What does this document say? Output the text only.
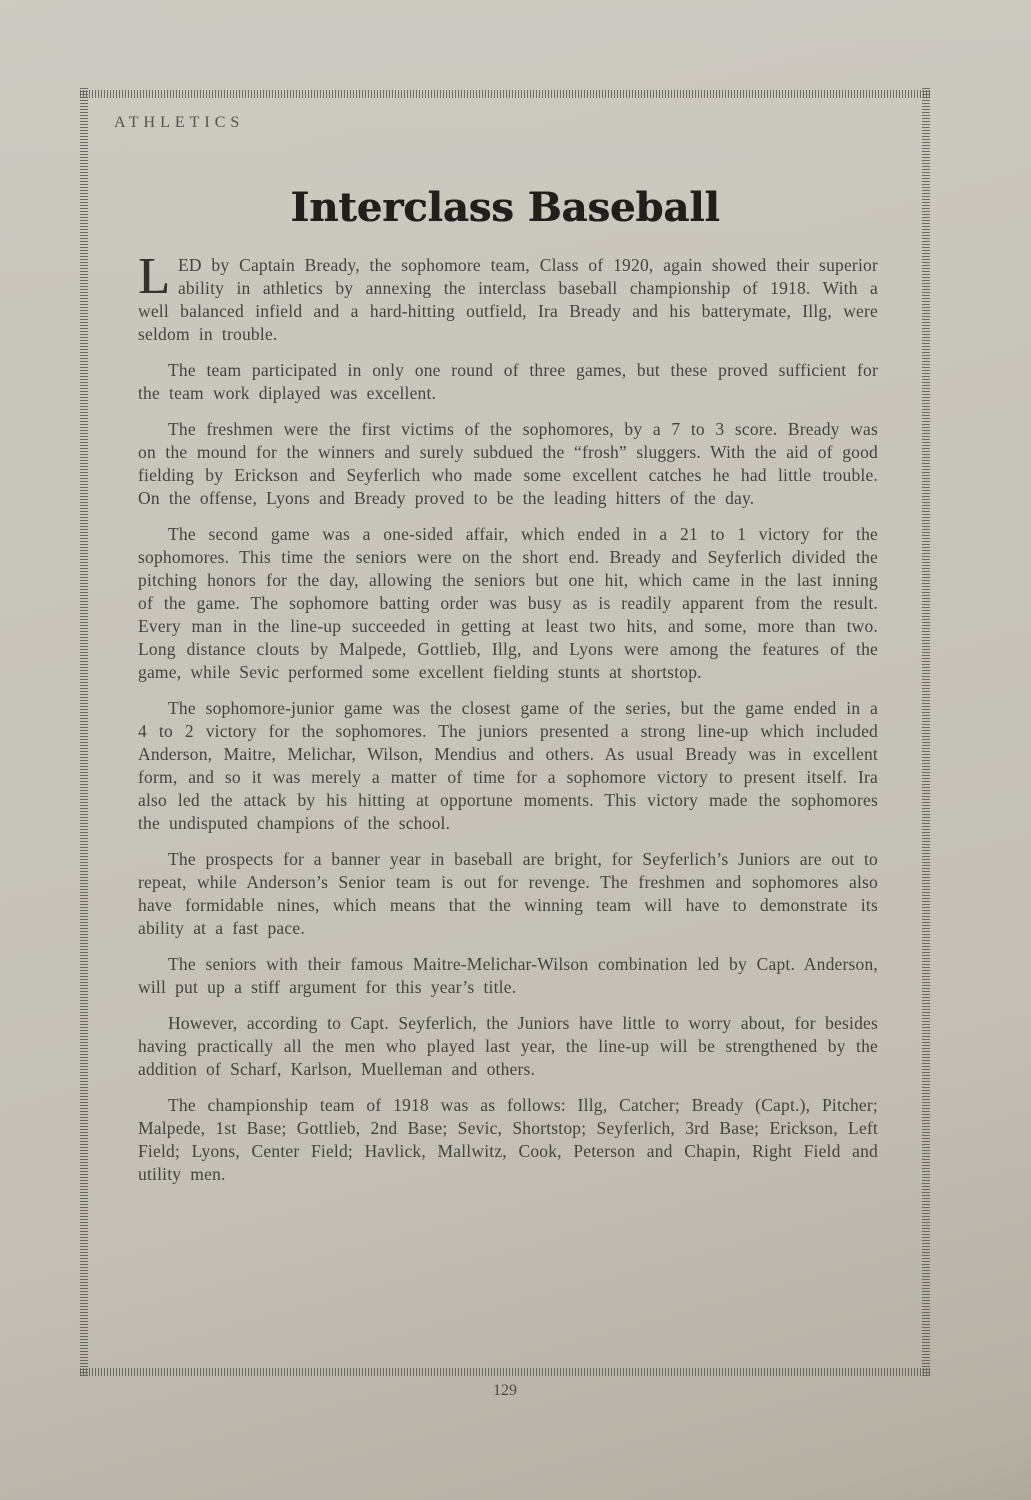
ATHLETICS
Interclass Baseball

LED by Captain Bready, the sophomore team, Class of 1920, again showed their superior ability in athletics by annexing the interclass baseball championship of 1918. With a well balanced infield and a hard-hitting outfield, Ira Bready and his batterymate, Illg, were seldom in trouble.

The team participated in only one round of three games, but these proved sufficient for the team work diplayed was excellent.

The freshmen were the first victims of the sophomores, by a 7 to 3 score. Bready was on the mound for the winners and surely subdued the “frosh” sluggers. With the aid of good fielding by Erickson and Seyferlich who made some excellent catches he had little trouble. On the offense, Lyons and Bready proved to be the leading hitters of the day.

The second game was a one-sided affair, which ended in a 21 to 1 victory for the sophomores. This time the seniors were on the short end. Bready and Seyferlich divided the pitching honors for the day, allowing the seniors but one hit, which came in the last inning of the game. The sophomore batting order was busy as is readily apparent from the result. Every man in the line-up succeeded in getting at least two hits, and some, more than two. Long distance clouts by Malpede, Gottlieb, Illg, and Lyons were among the features of the game, while Sevic performed some excellent fielding stunts at shortstop.

The sophomore-junior game was the closest game of the series, but the game ended in a 4 to 2 victory for the sophomores. The juniors presented a strong line-up which included Anderson, Maitre, Melichar, Wilson, Mendius and others. As usual Bready was in excellent form, and so it was merely a matter of time for a sophomore victory to present itself. Ira also led the attack by his hitting at opportune moments. This victory made the sophomores the undisputed champions of the school.

The prospects for a banner year in baseball are bright, for Seyferlich’s Juniors are out to repeat, while Anderson’s Senior team is out for revenge. The freshmen and sophomores also have formidable nines, which means that the winning team will have to demonstrate its ability at a fast pace.

The seniors with their famous Maitre-Melichar-Wilson combination led by Capt. Anderson, will put up a stiff argument for this year’s title.

However, according to Capt. Seyferlich, the Juniors have little to worry about, for besides having practically all the men who played last year, the line-up will be strengthened by the addition of Scharf, Karlson, Muelleman and others.

The championship team of 1918 was as follows: Illg, Catcher; Bready (Capt.), Pitcher; Malpede, 1st Base; Gottlieb, 2nd Base; Sevic, Shortstop; Seyferlich, 3rd Base; Erickson, Left Field; Lyons, Center Field; Havlick, Mallwitz, Cook, Peterson and Chapin, Right Field and utility men.

129
